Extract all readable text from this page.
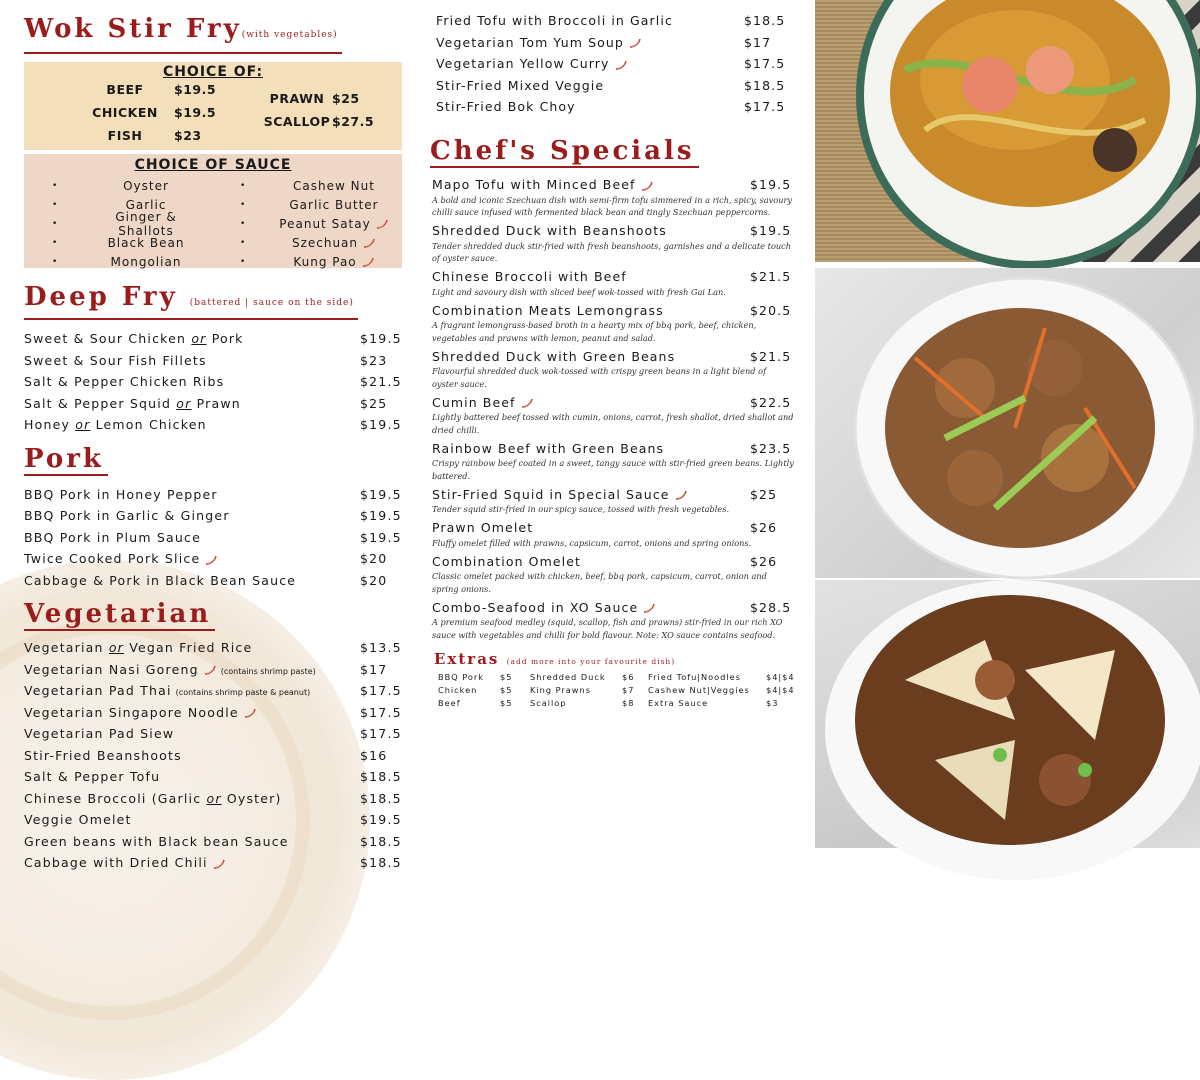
Wok Stir Fry(with vegetables)
CHOICE OF:
BEEF	$19.5
CHICKEN	$19.5
FISH	$23
PRAWN $25
SCALLOP $27.5
CHOICE OF SAUCE
•	Oyster
•	Garlic
•	Ginger & Shallots
•	Black Bean
•	Mongolian
•	Cashew Nut
•	Garlic Butter
•	Peanut Satay
•	Szechuan
•	Kung Pao
Deep Fry (battered | sauce on the side)
Sweet & Sour Chicken or Pork	$19.5
Sweet & Sour Fish Fillets	$23
Salt & Pepper Chicken Ribs	$21.5
Salt & Pepper Squid or Prawn	$25
Honey or Lemon Chicken	$19.5
Pork
BBQ Pork in Honey Pepper	$19.5
BBQ Pork in Garlic & Ginger	$19.5
BBQ Pork in Plum Sauce	$19.5
Twice Cooked Pork Slice	$20
Cabbage & Pork in Black Bean Sauce	$20
Vegetarian
Vegetarian or Vegan Fried Rice	$13.5
Vegetarian Nasi Goreng	(contains shrimp paste)	$17
Vegetarian Pad Thai (contains shrimp paste & peanut)	$17.5
Vegetarian Singapore Noodle	$17.5
Vegetarian Pad Siew	$17.5
Stir-Fried Beanshoots	$16
Salt & Pepper Tofu	$18.5
Chinese Broccoli (Garlic or Oyster)	$18.5
Veggie Omelet	$19.5
Green beans with Black bean Sauce	$18.5
Cabbage with Dried Chili	$18.5
Fried Tofu with Broccoli in Garlic	$18.5
Vegetarian Tom Yum Soup	$17
Vegetarian Yellow Curry	$17.5
Stir-Fried Mixed Veggie	$18.5
Stir-Fried Bok Choy	$17.5
Chef's Specials
Mapo Tofu with Minced Beef	$19.5
A bold and iconic Szechuan dish with semi-firm tofu simmered in a rich, spicy, savoury chilli sauce infused with fermented black bean and tingly Szechuan peppercorns.
Shredded Duck with Beanshoots	$19.5
Tender shredded duck stir-fried with fresh beanshoots, garnishes and a delicate touch of oyster sauce.
Chinese Broccoli with Beef	$21.5
Light and savoury dish with sliced beef wok-tossed with fresh Gai Lan.
Combination Meats Lemongrass	$20.5
A fragrant lemongrass-based broth in a hearty mix of bbq pork, beef, chicken, vegetables and prawns with lemon, peanut and salad.
Shredded Duck with Green Beans	$21.5
Flavourful shredded duck wok-tossed with crispy green beans in a light blend of oyster sauce.
Cumin Beef	$22.5
Lightly battered beef tossed with cumin, onions, carrot, fresh shallot, dried shallot and dried chilli.
Rainbow Beef with Green Beans	$23.5
Crispy rainbow beef coated in a sweet, tangy sauce with stir-fried green beans. Lightly battered.
Stir-Fried Squid in Special Sauce	$25
Tender squid stir-fried in our spicy sauce, tossed with fresh vegetables.
Prawn Omelet	$26
Fluffy omelet filled with prawns, capsicum, carrot, onions and spring onions.
Combination Omelet	$26
Classic omelet packed with chicken, beef, bbq pork, capsicum, carrot, onion and spring onions.
Combo-Seafood in XO Sauce	$28.5
A premium seafood medley (squid, scallop, fish and prawns) stir-fried in our rich XO sauce with vegetables and chilli for bold flavour. Note: XO sauce contains seafood.
Extras (add more into your favourite dish)
BBQ Pork	$5	Shredded Duck	$6	Fried Tofu|Noodles	$4|$4
Chicken	$5	King Prawns	$7	Cashew Nut|Veggies	$4|$4
Beef	$5	Scallop	$8	Extra Sauce	$3
